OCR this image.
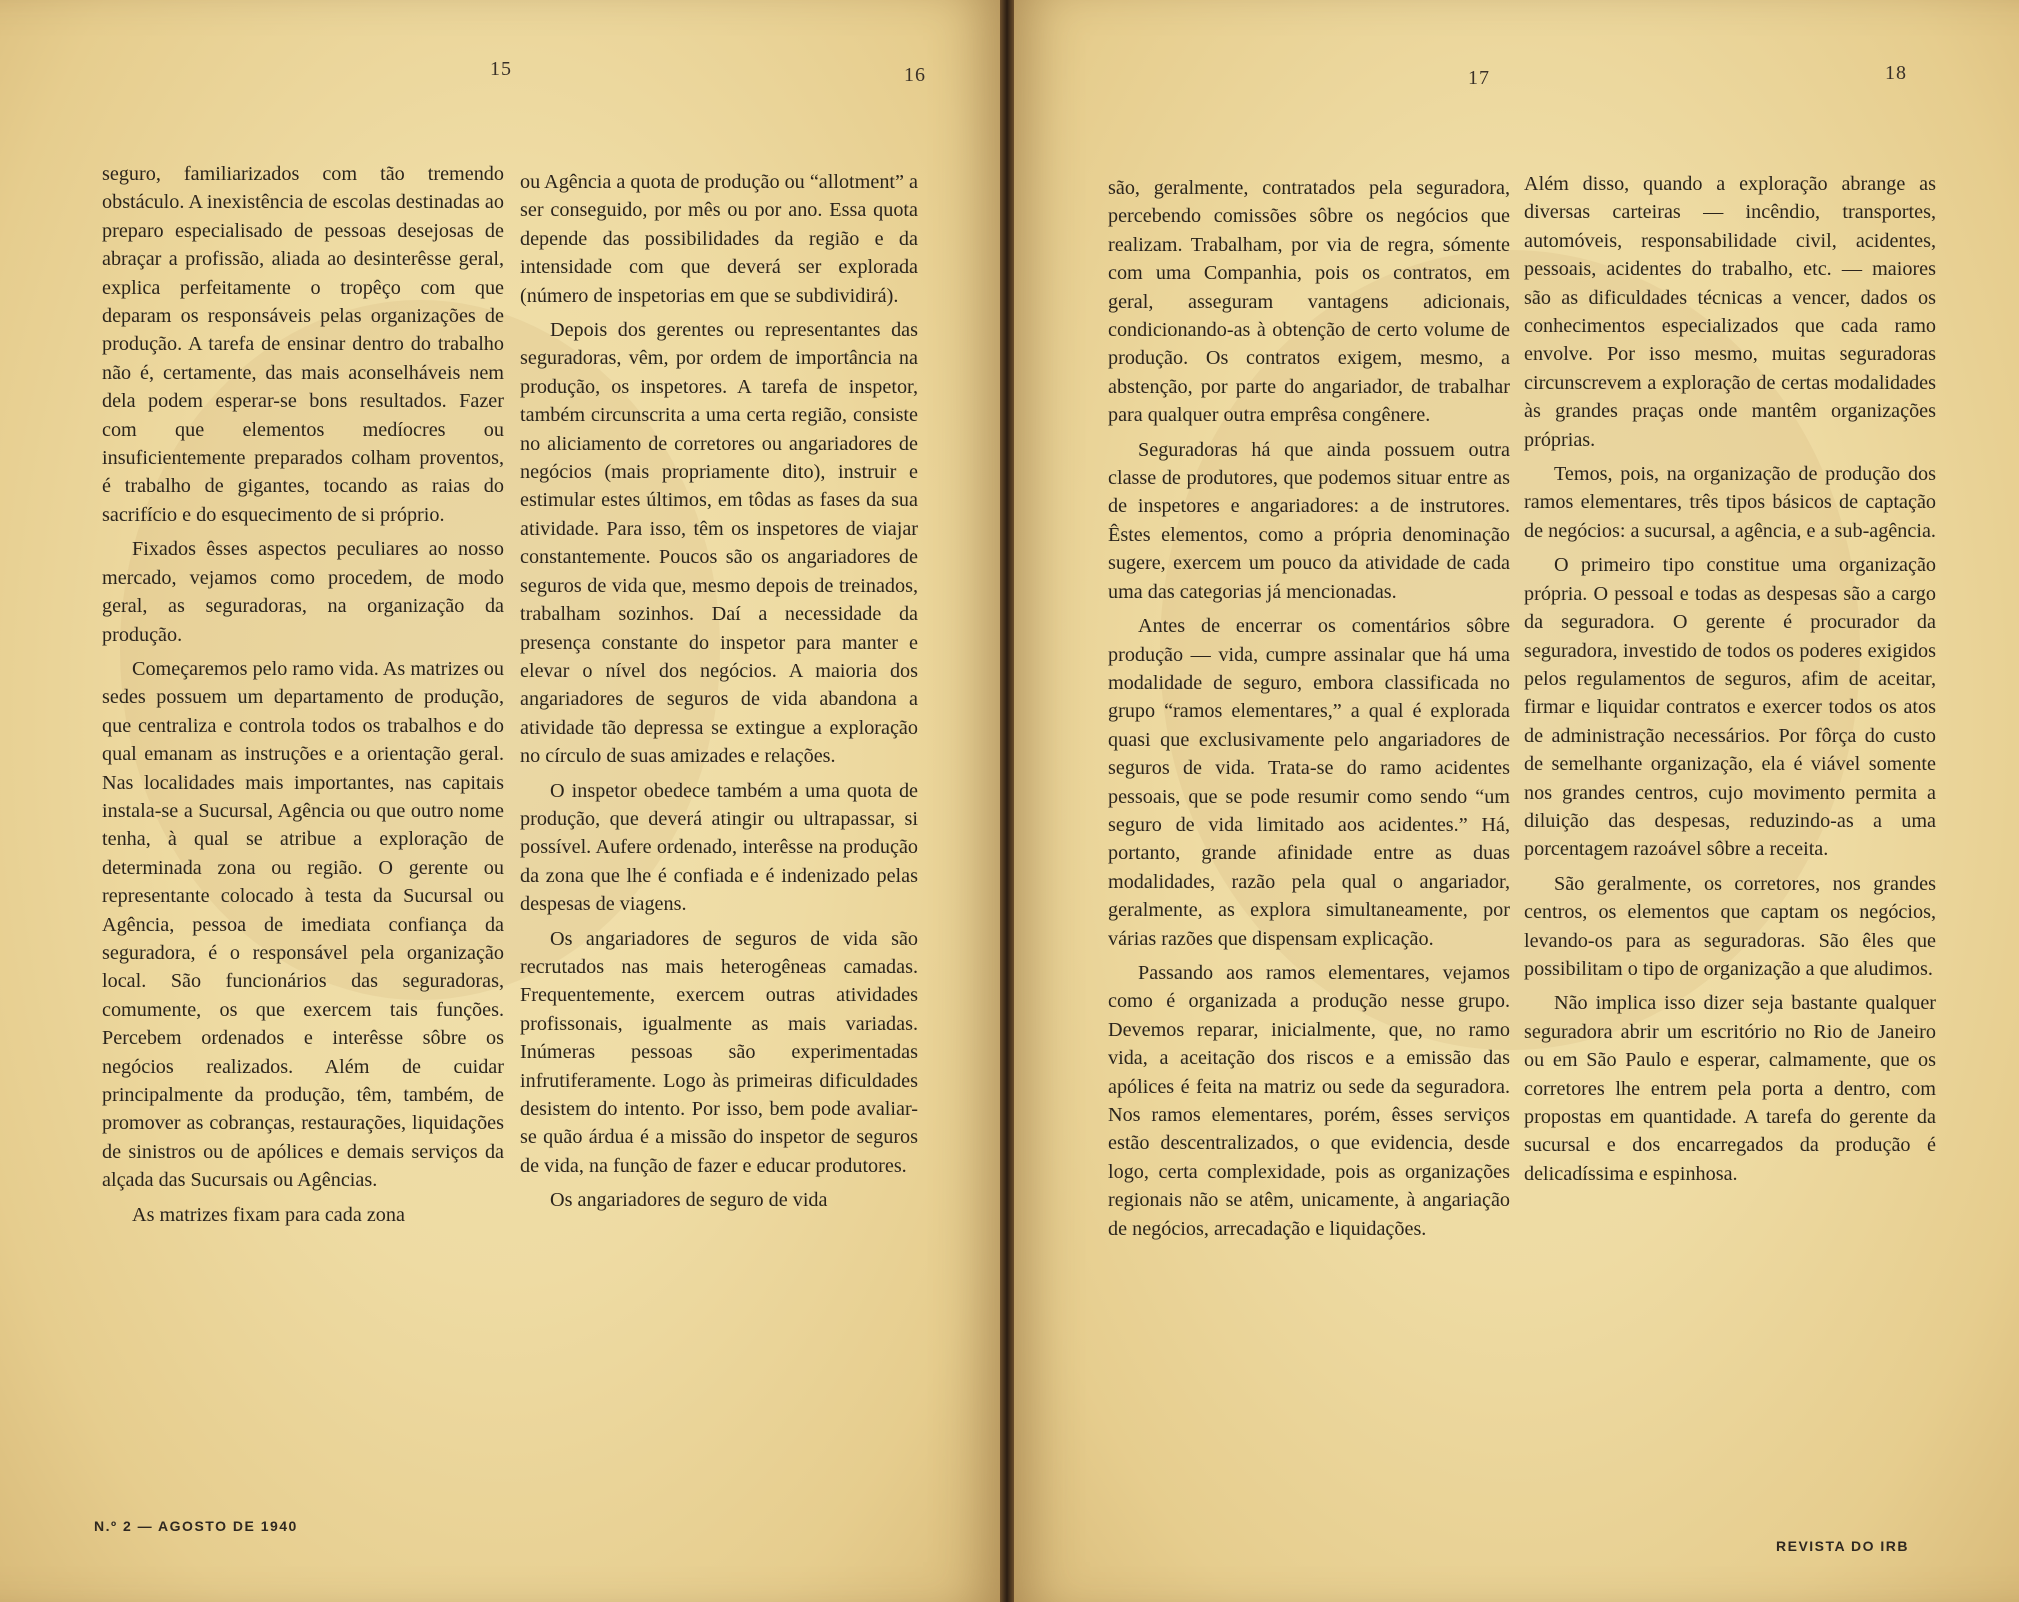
15	16	17	18

seguro, familiarizados com tão tremendo obstáculo. A inexistência de escolas destinadas ao preparo especialisado de pessoas desejosas de abraçar a profissão, aliada ao desinterêsse geral, explica perfeitamente o tropêço com que deparam os responsáveis pelas organizações de produção. A tarefa de ensinar dentro do trabalho não é, certamente, das mais aconselháveis nem dela podem esperar-se bons resultados. Fazer com que elementos medíocres ou insuficientemente preparados colham proventos, é trabalho de gigantes, tocando as raias do sacrifício e do esquecimento de si próprio.

Fixados êsses aspectos peculiares ao nosso mercado, vejamos como procedem, de modo geral, as seguradoras, na organização da produção.

Começaremos pelo ramo vida. As matrizes ou sedes possuem um departamento de produção, que centraliza e controla todos os trabalhos e do qual emanam as instruções e a orientação geral. Nas localidades mais importantes, nas capitais instala-se a Sucursal, Agência ou que outro nome tenha, à qual se atribue a exploração de determinada zona ou região. O gerente ou representante colocado à testa da Sucursal ou Agência, pessoa de imediata confiança da seguradora, é o responsável pela organização local. São funcionários das seguradoras, comumente, os que exercem tais funções. Percebem ordenados e interêsse sôbre os negócios realizados. Além de cuidar principalmente da produção, têm, também, de promover as cobranças, restaurações, liquidações de sinistros ou de apólices e demais serviços da alçada das Sucursais ou Agências.

As matrizes fixam para cada zona

ou Agência a quota de produção ou “allotment” a ser conseguido, por mês ou por ano. Essa quota depende das possibilidades da região e da intensidade com que deverá ser explorada (número de inspetorias em que se subdividirá).

Depois dos gerentes ou representantes das seguradoras, vêm, por ordem de importância na produção, os inspetores. A tarefa de inspetor, também circunscrita a uma certa região, consiste no aliciamento de corretores ou angariadores de negócios (mais propriamente dito), instruir e estimular estes últimos, em tôdas as fases da sua atividade. Para isso, têm os inspetores de viajar constantemente. Poucos são os angariadores de seguros de vida que, mesmo depois de treinados, trabalham sozinhos. Daí a necessidade da presença constante do inspetor para manter e elevar o nível dos negócios. A maioria dos angariadores de seguros de vida abandona a atividade tão depressa se extingue a exploração no círculo de suas amizades e relações.

O inspetor obedece também a uma quota de produção, que deverá atingir ou ultrapassar, si possível. Aufere ordenado, interêsse na produção da zona que lhe é confiada e é indenizado pelas despesas de viagens.

Os angariadores de seguros de vida são recrutados nas mais heterogêneas camadas. Frequentemente, exercem outras atividades profissonais, igualmente as mais variadas. Inúmeras pessoas são experimentadas infrutiferamente. Logo às primeiras dificuldades desistem do intento. Por isso, bem pode avaliar-se quão árdua é a missão do inspetor de seguros de vida, na função de fazer e educar produtores.

Os angariadores de seguro de vida

são, geralmente, contratados pela seguradora, percebendo comissões sôbre os negócios que realizam. Trabalham, por via de regra, sómente com uma Companhia, pois os contratos, em geral, asseguram vantagens adicionais, condicionando-as à obtenção de certo volume de produção. Os contratos exigem, mesmo, a abstenção, por parte do angariador, de trabalhar para qualquer outra emprêsa congênere.

Seguradoras há que ainda possuem outra classe de produtores, que podemos situar entre as de inspetores e angariadores: a de instrutores. Êstes elementos, como a própria denominação sugere, exercem um pouco da atividade de cada uma das categorias já mencionadas.

Antes de encerrar os comentários sôbre produção — vida, cumpre assinalar que há uma modalidade de seguro, embora classificada no grupo “ramos elementares,” a qual é explorada quasi que exclusivamente pelo angariadores de seguros de vida. Trata-se do ramo acidentes pessoais, que se pode resumir como sendo “um seguro de vida limitado aos acidentes.” Há, portanto, grande afinidade entre as duas modalidades, razão pela qual o angariador, geralmente, as explora simultaneamente, por várias razões que dispensam explicação.

Passando aos ramos elementares, vejamos como é organizada a produção nesse grupo. Devemos reparar, inicialmente, que, no ramo vida, a aceitação dos riscos e a emissão das apólices é feita na matriz ou sede da seguradora. Nos ramos elementares, porém, êsses serviços estão descentralizados, o que evidencia, desde logo, certa complexidade, pois as organizações regionais não se atêm, unicamente, à angariação de negócios, arrecadação e liquidações.

Além disso, quando a exploração abrange as diversas carteiras — incêndio, transportes, automóveis, responsabilidade civil, acidentes, pessoais, acidentes do trabalho, etc. — maiores são as dificuldades técnicas a vencer, dados os conhecimentos especializados que cada ramo envolve. Por isso mesmo, muitas seguradoras circunscrevem a exploração de certas modalidades às grandes praças onde mantêm organizações próprias.

Temos, pois, na organização de produção dos ramos elementares, três tipos básicos de captação de negócios: a sucursal, a agência, e a sub-agência.

O primeiro tipo constitue uma organização própria. O pessoal e todas as despesas são a cargo da seguradora. O gerente é procurador da seguradora, investido de todos os poderes exigidos pelos regulamentos de seguros, afim de aceitar, firmar e liquidar contratos e exercer todos os atos de administração necessários. Por fôrça do custo de semelhante organização, ela é viável somente nos grandes centros, cujo movimento permita a diluição das despesas, reduzindo-as a uma porcentagem razoável sôbre a receita.

São geralmente, os corretores, nos grandes centros, os elementos que captam os negócios, levando-os para as seguradoras. São êles que possibilitam o tipo de organização a que aludimos.

Não implica isso dizer seja bastante qualquer seguradora abrir um escritório no Rio de Janeiro ou em São Paulo e esperar, calmamente, que os corretores lhe entrem pela porta a dentro, com propostas em quantidade. A tarefa do gerente da sucursal e dos encarregados da produção é delicadíssima e espinhosa.

N.º 2 — AGOSTO DE 1940
REVISTA DO IRB
